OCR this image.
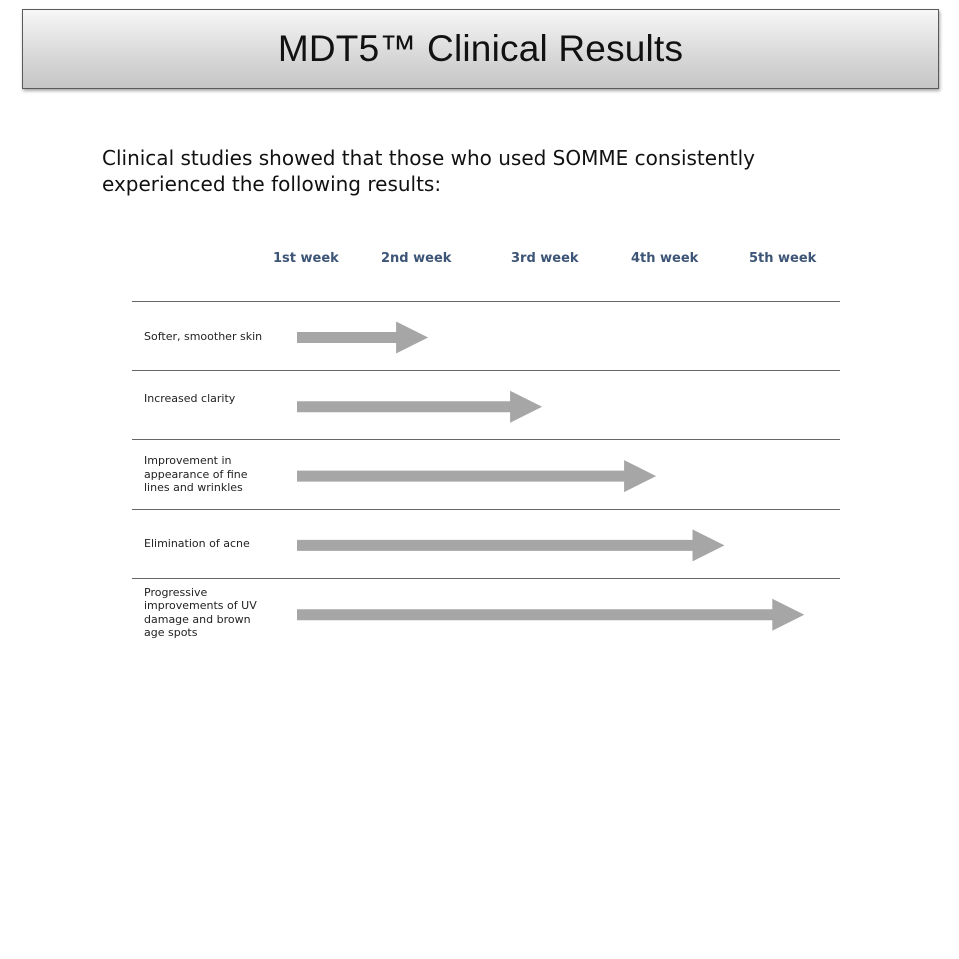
MDT5™ Clinical Results

Clinical studies showed that those who used SOMME consistently experienced the following results:

1st week	2nd week	3rd week	4th week	5th week
Softer, smoother skin
Increased clarity
Improvement in appearance of fine lines and wrinkles
Elimination of acne
Progressive improvements of UV damage and brown age spots
